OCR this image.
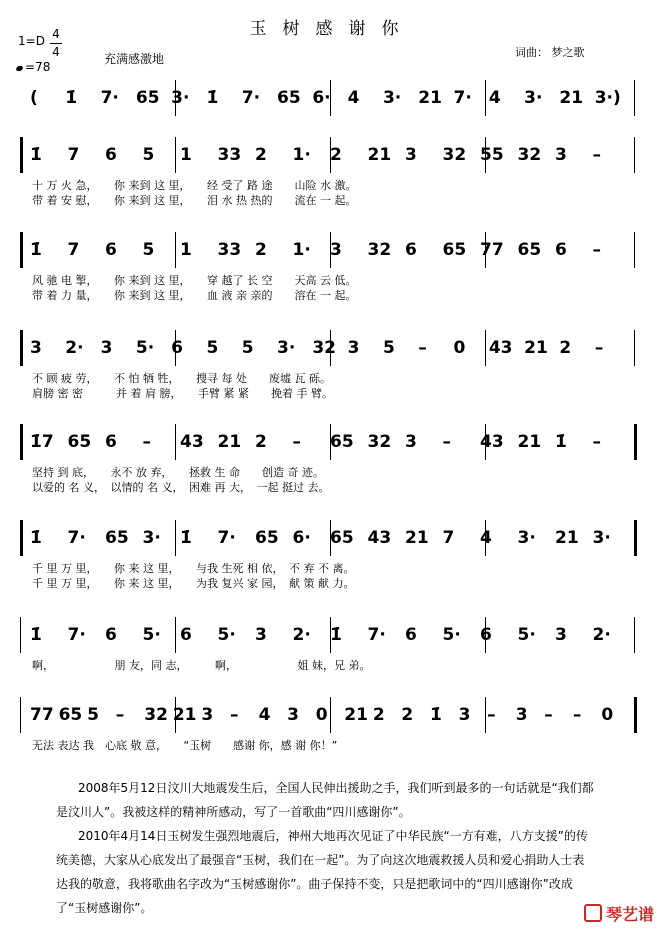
玉树感谢你
1=D 4
4
=78
充满感激地	词曲： 梦之歌
( 1̇ 7· 65 3· 1̇ 7· 65 6· 4 3· 21 7· 4 3· 21 3·)
1̇ 7 6 5 1 33 2 1· 2 21 3 32 55 32 3 –
十 万 火 急，　　你 来到 这 里，　　经 受了 路 途　　山险 水 激。
带 着 安 慰，　　你 来到 这 里，　　泪 水 热 热的　　流在 一 起。
1̇ 7 6 5 1 33 2 1· 3 32 6 65 77 65 6 –
风 驰 电 掣，　　你 来到 这 里，　　穿 越了 长 空　　天高 云 低。
带 着 力 量，　　你 来到 这 里，　　血 液 亲 亲的　　溶在 一 起。
3 2· 3 5· 6 5 5 3· 32 3 5 – 0 43 21 2 –
不 顾 疲 劳，　　不 怕 牺 牲，　　搜寻 每 处　　废墟 瓦 砾。
肩膀 密 密　　　并 着 肩 膀，　　手臂 紧 紧　　挽着 手 臂。
1̇7 65 6 – 43 21 2 – 65 32 3 – 43 21 1̇ –
坚持 到 底，　　永不 放 弃，　　拯救 生 命　　创造 奇 迹。
以爱的 名 义，　以情的 名 义，　困难 再 大，　一起 挺过 去。
1̇ 7· 65 3· 1̇ 7· 65 6· 65 43 21 7 4 3· 21 3·
千 里 万 里，　　你 来 这 里，　　与我 生死 相 依，　不 弃 不 离。
千 里 万 里，　　你 来 这 里，　　为我 复兴 家 园，　献 策 献 力。
1̇ 7· 6 5· 6 5· 3 2· 1̇ 7· 6 5· 6 5· 3 2·
啊，　　　　　　朋 友，同 志，　　　啊，　　　　　　姐 妹，兄 弟。
77 65 5 – 32 21 3 – 4 3 0 21 2 2 1̇ 3 – 3 – – 0
无法 表达 我　心底 敬 意，　　“玉树　　感谢 你，感 谢 你！”
2008年5月12日汶川大地震发生后，全国人民伸出援助之手，我们听到最多的一句话就是“我们都是汶川人”。我被这样的精神所感动，写了一首歌曲“四川感谢你”。
2010年4月14日玉树发生强烈地震后，神州大地再次见证了中华民族“一方有难，八方支援”的传统美德，大家从心底发出了最强音“玉树，我们在一起”。为了向这次地震救援人员和爱心捐助人士表达我的敬意，我将歌曲名字改为“玉树感谢你”。曲子保持不变，只是把歌词中的“四川感谢你”改成了“玉树感谢你”。	琴艺谱
